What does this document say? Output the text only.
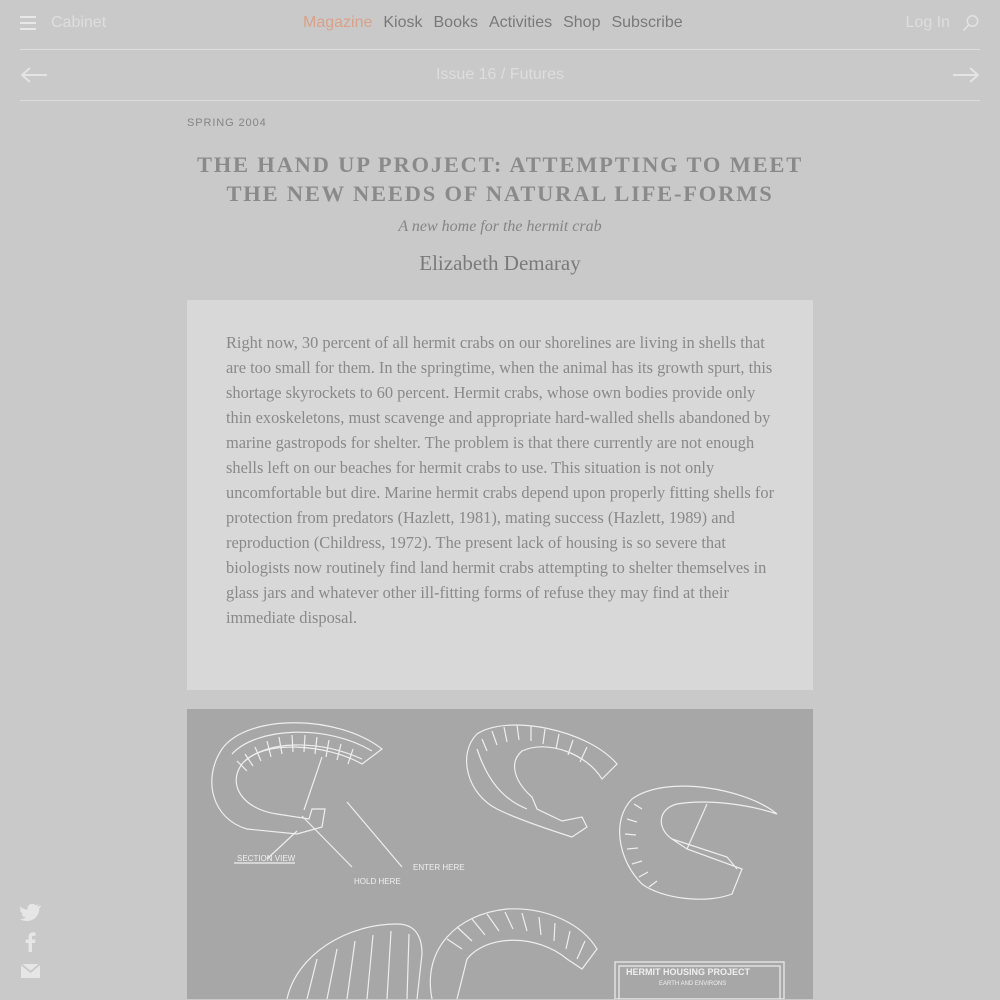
Cabinet	Magazine Kiosk Books Activities Shop Subscribe	Log In
Issue 16 / Futures
SPRING 2004
THE HAND UP PROJECT: ATTEMPTING TO MEET THE NEW NEEDS OF NATURAL LIFE-FORMS
A new home for the hermit crab
Elizabeth Demaray

Right now, 30 percent of all hermit crabs on our shorelines are living in shells that are too small for them. In the springtime, when the animal has its growth spurt, this shortage skyrockets to 60 percent. Hermit crabs, whose own bodies provide only thin exoskeletons, must scavenge and appropriate hard-walled shells abandoned by marine gastropods for shelter. The problem is that there currently are not enough shells left on our beaches for hermit crabs to use. This situation is not only uncomfortable but dire. Marine hermit crabs depend upon properly fitting shells for protection from predators (Hazlett, 1981), mating success (Hazlett, 1989) and reproduction (Childress, 1972). The present lack of housing is so severe that biologists now routinely find land hermit crabs attempting to shelter themselves in glass jars and whatever other ill-fitting forms of refuse they may find at their immediate disposal.

SECTION VIEW
ENTER HERE
HOLD HERE
HERMIT HOUSING PROJECT
EARTH AND ENVIRONS
